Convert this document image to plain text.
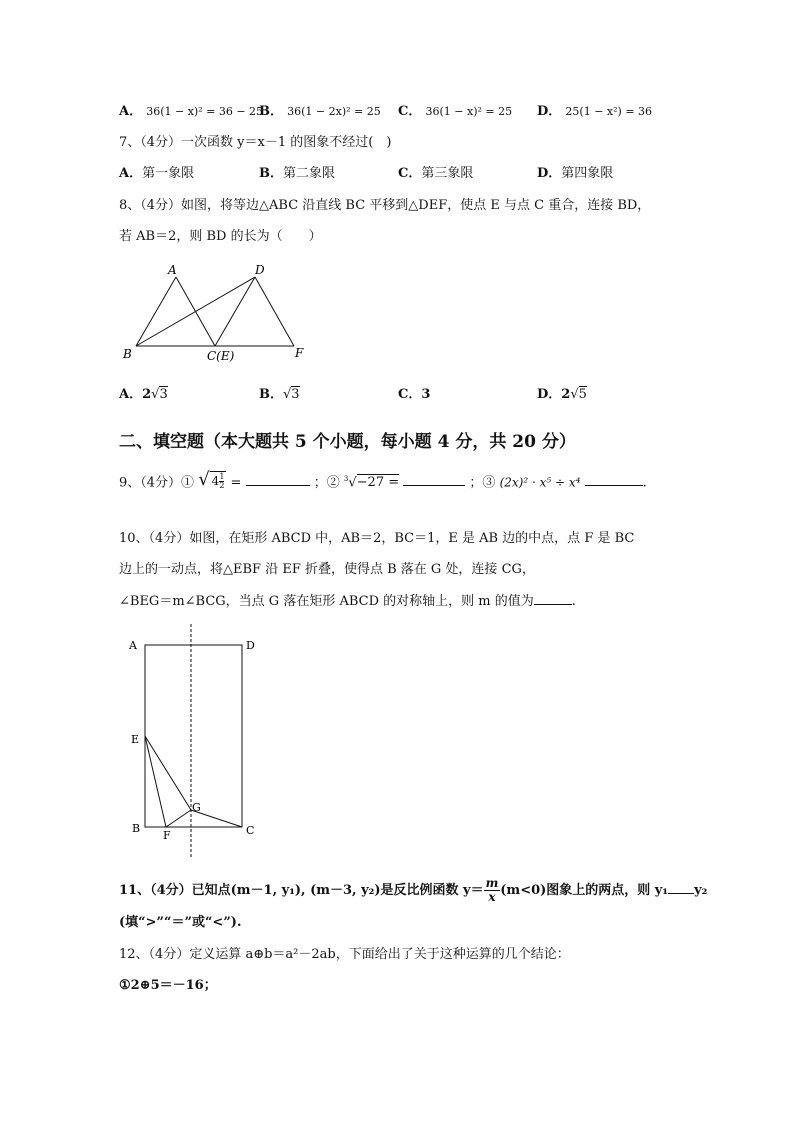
A． 36(1 − x)² = 36 − 25
B． 36(1 − 2x)² = 25 C． 36(1 − x)² = 25 D． 25(1 − x²) = 36
7、（4分）一次函数 y＝x－1 的图象不经过(　)
A．第一象限	B．第二象限	C．第三象限	D．第四象限
8、（4分）如图，将等边△ABC 沿直线 BC 平移到△DEF，使点 E 与点 C 重合，连接 BD，
若 AB＝2，则 BD 的长为（　　）
A	D
B	C(E)	F
A．2√3	B．√3	C．3	D．2√5
二、填空题（本大题共 5 个小题，每小题 4 分，共 20 分）
9、（4分）① √ $4 \frac{1}{2}$ =	；② $^3$√−27 =	；③ (2x)² · x⁵ ÷ x⁴	.
10、（4分）如图，在矩形 ABCD 中，AB＝2，BC＝1，E 是 AB 边的中点，点 F 是 BC
边上的一动点，将△EBF 沿 EF 折叠，使得点 B 落在 G 处，连接 CG，
∠BEG＝m∠BCG，当点 G 落在矩形 ABCD 的对称轴上，则 m 的值为	.
A	D
E
G
B
F	C
11、（4分）已知点(m－1, y₁), (m－3, y₂)是反比例函数 $y= \frac{m}{x} (m<0)$图象上的两点，则 y₁ y₂
(填“>”“＝”或“<”).
12、（4分）定义运算 a⊕b＝a²－2ab，下面给出了关于这种运算的几个结论：
①2⊕5＝－16；
